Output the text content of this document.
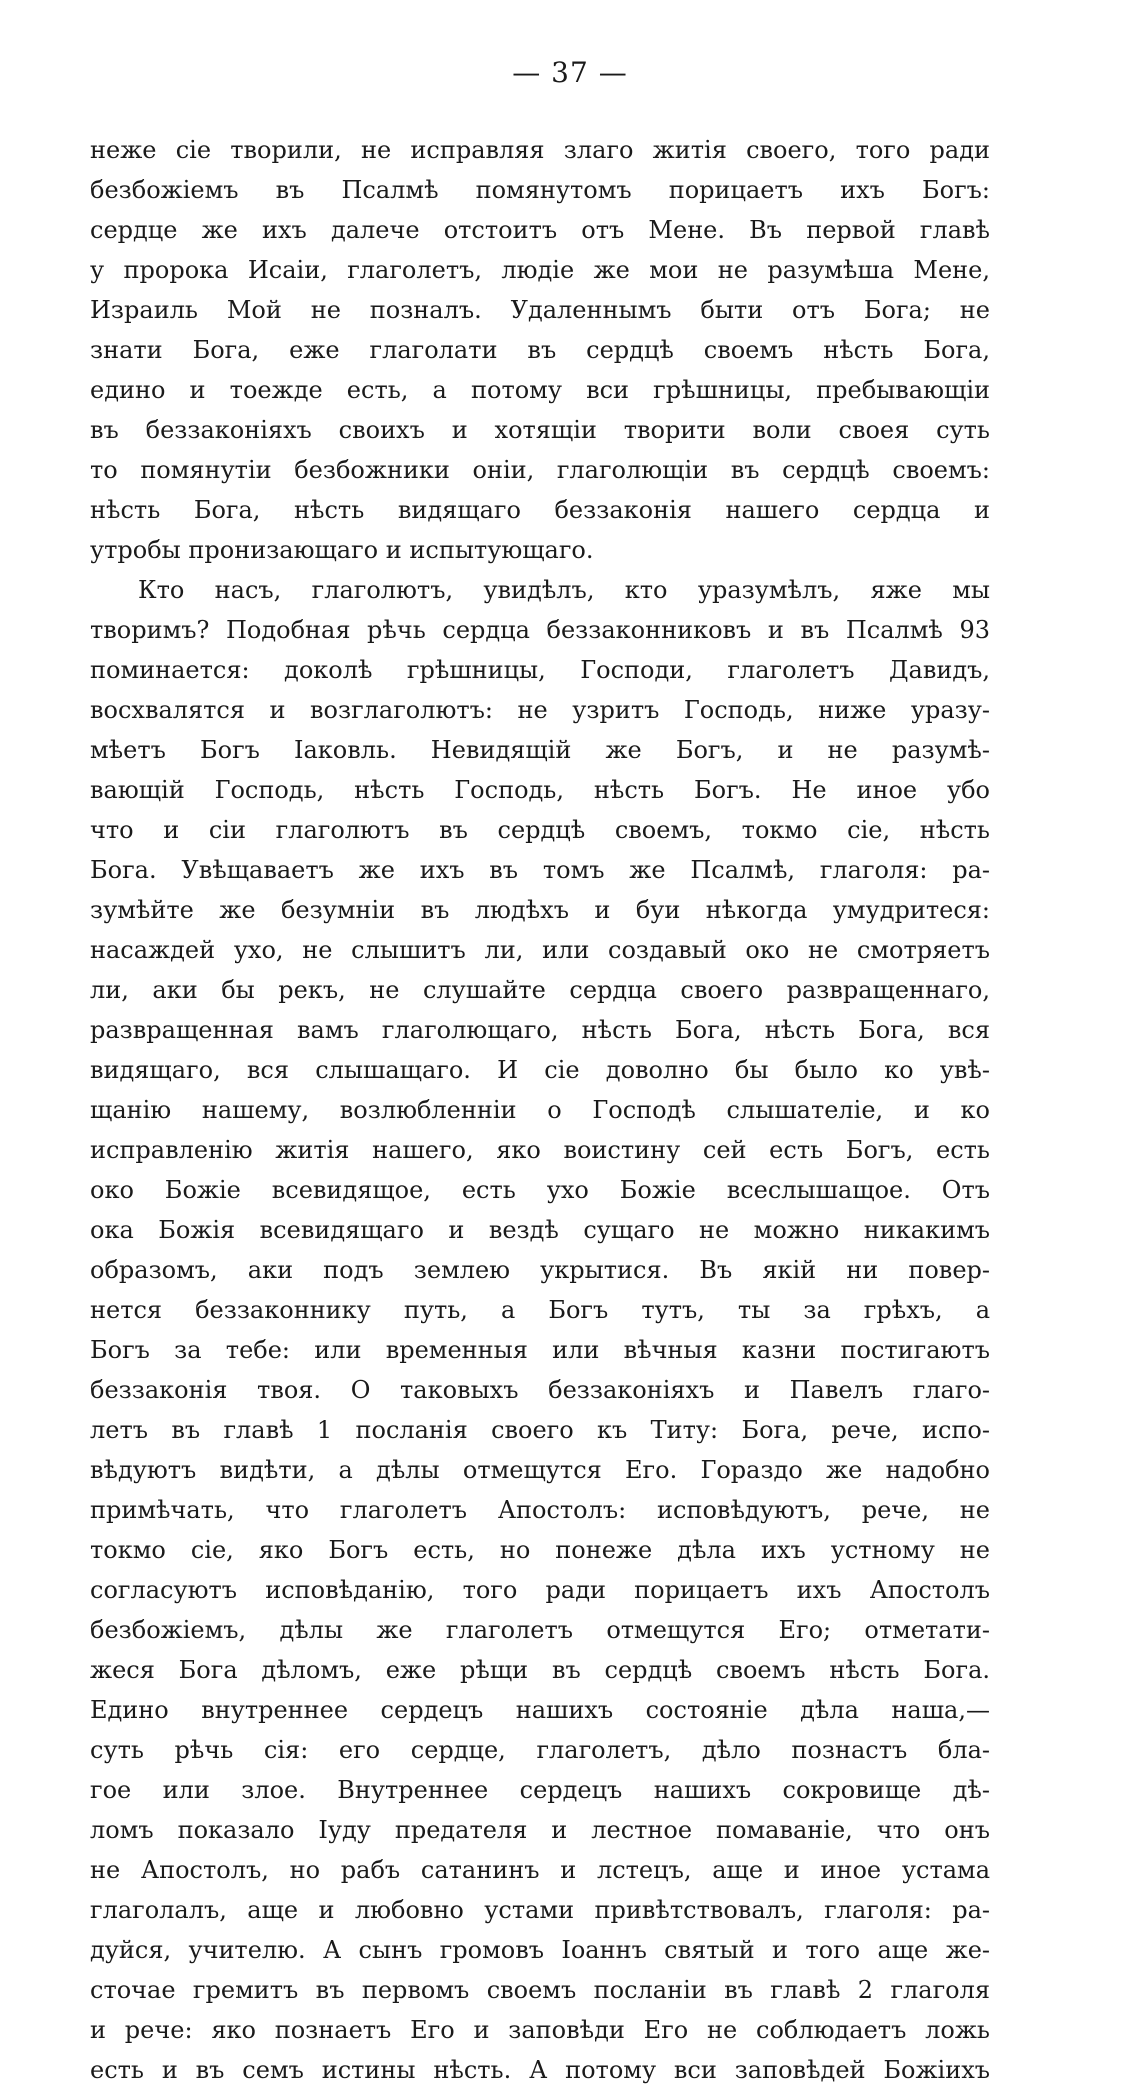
— 37 —
неже сіе творили, не исправляя злаго житія своего, того ради
безбожіемъ въ Псалмѣ помянутомъ порицаетъ ихъ Богъ:
сердце же ихъ далече отстоитъ отъ Мене. Въ первой главѣ
у пророка Исаіи, глаголетъ, людіе же мои не разумѣша Мене,
Израиль Мой не позналъ. Удаленнымъ быти отъ Бога; не
знати Бога, еже глаголати въ сердцѣ своемъ нѣсть Бога,
едино и тоежде есть, а потому вси грѣшницы, пребывающіи
въ беззаконіяхъ своихъ и хотящіи творити воли своея суть
то помянутіи безбожники оніи, глаголющіи въ сердцѣ своемъ:
нѣсть Бога, нѣсть видящаго беззаконія нашего сердца и
утробы пронизающаго и испытующаго.
Кто насъ, глаголютъ, увидѣлъ, кто уразумѣлъ, яже мы
творимъ? Подобная рѣчь сердца беззаконниковъ и въ Псалмѣ 93
поминается: доколѣ грѣшницы, Господи, глаголетъ Давидъ,
восхвалятся и возглаголютъ: не узритъ Господь, ниже уразу-
мѣетъ Богъ Іаковль. Невидящій же Богъ, и не разумѣ-
вающій Господь, нѣсть Господь, нѣсть Богъ. Не иное убо
что и сіи глаголютъ въ сердцѣ своемъ, токмо сіе, нѣсть
Бога. Увѣщаваетъ же ихъ въ томъ же Псалмѣ, глаголя: ра-
зумѣйте же безумніи въ людѣхъ и буи нѣкогда умудритеся:
насаждей ухо, не слышитъ ли, или создавый око не смотряетъ
ли, аки бы рекъ, не слушайте сердца своего развращеннаго,
развращенная вамъ глаголющаго, нѣсть Бога, нѣсть Бога, вся
видящаго, вся слышащаго. И сіе доволно бы было ко увѣ-
щанію нашему, возлюбленніи о Господѣ слышателіе, и ко
исправленію житія нашего, яко воистину сей есть Богъ, есть
око Божіе всевидящое, есть ухо Божіе всеслышащое. Отъ
ока Божія всевидящаго и вездѣ сущаго не можно никакимъ
образомъ, аки подъ землею укрытися. Въ якій ни повер-
нется беззаконнику путь, а Богъ тутъ, ты за грѣхъ, а
Богъ за тебе: или временныя или вѣчныя казни постигаютъ
беззаконія твоя. О таковыхъ беззаконіяхъ и Павелъ глаго-
летъ въ главѣ 1 посланія своего къ Титу: Бога, рече, испо-
вѣдуютъ видѣти, а дѣлы отмещутся Его. Гораздо же надобно
примѣчать, что глаголетъ Апостолъ: исповѣдуютъ, рече, не
токмо сіе, яко Богъ есть, но понеже дѣла ихъ устному не
согласуютъ исповѣданію, того ради порицаетъ ихъ Апостолъ
безбожіемъ, дѣлы же глаголетъ отмещутся Его; отметати-
жеся Бога дѣломъ, еже рѣщи въ сердцѣ своемъ нѣсть Бога.
Едино внутреннее сердецъ нашихъ состояніе дѣла наша,—
суть рѣчь сія: его сердце, глаголетъ, дѣло познастъ бла-
гое или злое. Внутреннее сердецъ нашихъ сокровище дѣ-
ломъ показало Іуду предателя и лестное помаваніе, что онъ
не Апостолъ, но рабъ сатанинъ и лстецъ, аще и иное устама
глаголалъ, аще и любовно устами привѣтствовалъ, глаголя: ра-
дуйся, учителю. А сынъ громовъ Іоаннъ святый и того аще же-
сточае гремитъ въ первомъ своемъ посланіи въ главѣ 2 глаголя
и рече: яко познаетъ Его и заповѣди Его не соблюдаетъ ложь
есть и въ семъ истины нѣсть. А потому вси заповѣдей Божіихъ
